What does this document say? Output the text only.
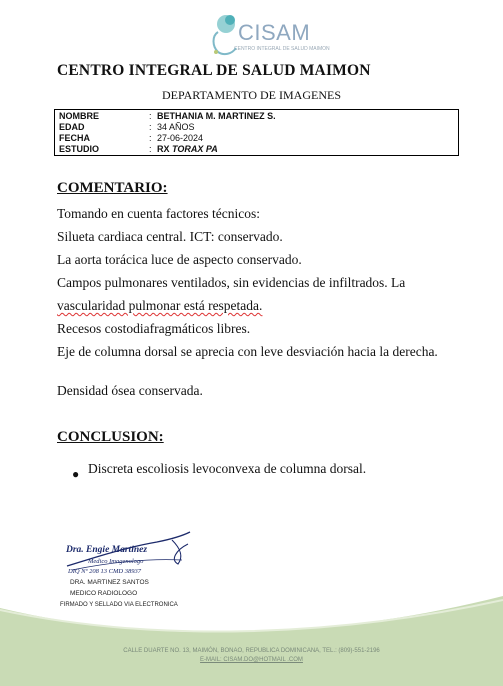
CISAM
CENTRO INTEGRAL DE SALUD MAIMON
CENTRO INTEGRAL DE SALUD MAIMON
DEPARTAMENTO DE IMAGENES
NOMBRE	: BETHANIA M. MARTINEZ S.
EDAD	: 34 AÑOS
FECHA	: 27-06-2024
ESTUDIO	: RX TORAX PA
COMENTARIO:
Tomando en cuenta factores técnicos:
Silueta cardiaca central. ICT: conservado.
La aorta torácica luce de aspecto conservado.
Campos pulmonares ventilados, sin evidencias de infiltrados. La
vascularidad pulmonar está respetada.
Recesos costodiafragmáticos libres.
Eje de columna dorsal se aprecia con leve desviación hacia la derecha.
Densidad ósea conservada.
CONCLUSION:
● Discreta escoliosis levoconvexa de columna dorsal.
Dra. Engie Martinez
Medico Imagenologo
DIQ Nº 208 13 CMD 38937
DRA. MARTINEZ SANTOS
MEDICO RADIOLOGO
FIRMADO Y SELLADO VIA ELECTRONICA
CALLE DUARTE NO. 13, MAIMÓN, BONAO, REPUBLICA DOMINICANA, TEL.: (809)-551-2196
E-MAIL: CISAM.DO@HOTMAIL .COM
